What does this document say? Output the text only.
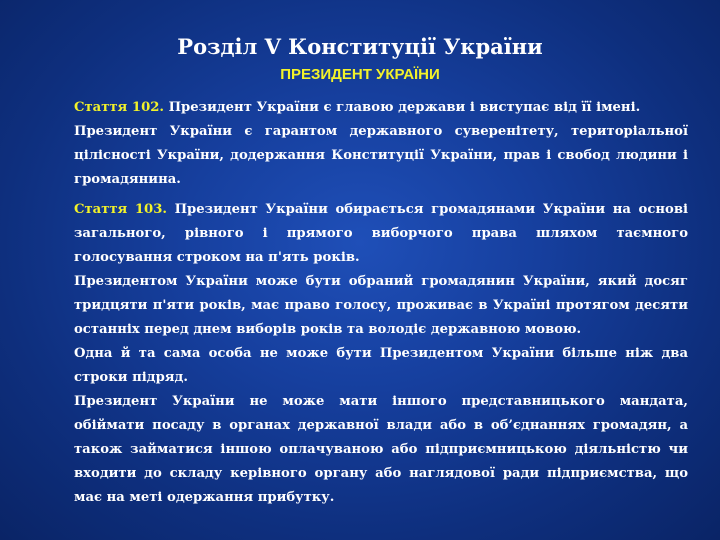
Розділ V Конституції України
ПРЕЗИДЕНТ УКРАЇНИ

Стаття 102. Президент України є главою держави і виступає від її імені.

Президент України є гарантом державного суверенітету, територіальної цілісності України, додержання Конституції України, прав і свобод людини і громадянина.

Стаття 103. Президент України обирається громадянами України на основі загального, рівного і прямого виборчого права шляхом таємного голосування строком на п'ять років.

Президентом України може бути обраний громадянин України, який досяг тридцяти п'яти років, має право голосу, проживає в Україні протягом десяти останніх перед днем виборів років та володіє державною мовою.

Одна й та сама особа не може бути Президентом України більше ніж два строки підряд.

Президент України не може мати іншого представницького мандата, обіймати посаду в органах державної влади або в об’єднаннях громадян, а також займатися іншою оплачуваною або підприємницькою діяльністю чи входити до складу керівного органу або наглядової ради підприємства, що має на меті одержання прибутку.
